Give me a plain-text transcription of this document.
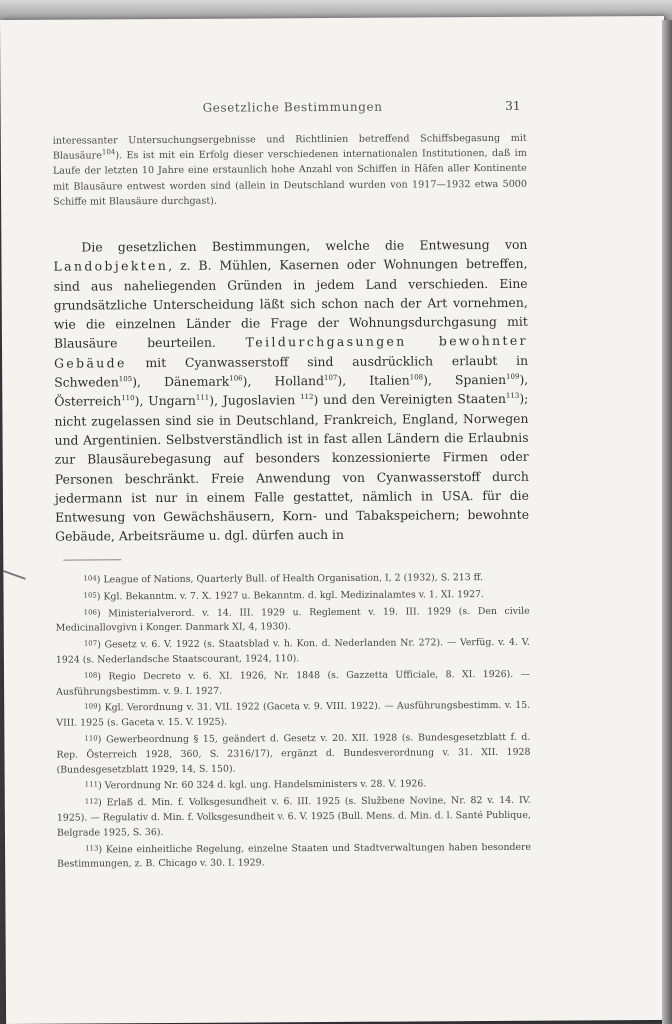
Gesetzliche Bestimmungen	31
interessanter Untersuchungsergebnisse und Richtlinien betreffend Schiffsbegasung mit Blausäure$^{104}$). Es ist mit ein Erfolg dieser verschiedenen internationalen Institutionen, daß im Laufe der letzten 10 Jahre eine erstaunlich hohe Anzahl von Schiffen in Häfen aller Kontinente mit Blausäure entwest worden sind (allein in Deutschland wurden von 1917—1932 etwa 5000 Schiffe mit Blausäure durchgast).
Die gesetzlichen Bestimmungen, welche die Entwesung von Landobjekten, z. B. Mühlen, Kasernen oder Wohnungen betreffen, sind aus naheliegenden Gründen in jedem Land verschieden. Eine grundsätzliche Unterscheidung läßt sich schon nach der Art vornehmen, wie die einzelnen Länder die Frage der Wohnungsdurchgasung mit Blausäure beurteilen. Teildurchgasungen bewohnter Gebäude mit Cyanwasserstoff sind ausdrücklich erlaubt in Schweden$^{105}$), Dänemark$^{106}$), Holland$^{107}$), Italien$^{108}$), Spanien$^{109}$), Österreich$^{110}$), Ungarn$^{111}$), Jugoslavien $^{112}$) und den Vereinigten Staaten$^{113}$); nicht zugelassen sind sie in Deutschland, Frankreich, England, Norwegen und Argentinien. Selbstverständlich ist in fast allen Ländern die Erlaubnis zur Blausäurebegasung auf besonders konzessionierte Firmen oder Personen beschränkt. Freie Anwendung von Cyanwasserstoff durch jedermann ist nur in einem Falle gestattet, nämlich in USA. für die Entwesung von Gewächshäusern, Korn- und Tabakspeichern; bewohnte Gebäude, Arbeitsräume u. dgl. dürfen auch in

$^{104}$) League of Nations, Quarterly Bull. of Health Organisation, I, 2 (1932), S. 213 ff.

$^{105}$) Kgl. Bekanntm. v. 7. X. 1927 u. Bekanntm. d. kgl. Medizinalamtes v. 1. XI. 1927.

$^{106}$) Ministerialverord. v. 14. III. 1929 u. Reglement v. 19. III. 1929 (s. Den civile Medicinallovgivn i Konger. Danmark XI, 4, 1930).

$^{107}$) Gesetz v. 6. V. 1922 (s. Staatsblad v. h. Kon. d. Nederlanden Nr. 272). — Verfüg. v. 4. V. 1924 (s. Nederlandsche Staatscourant, 1924, 110).

$^{108}$) Regio Decreto v. 6. XI. 1926, Nr. 1848 (s. Gazzetta Ufficiale, 8. XI. 1926). — Ausführungsbestimm. v. 9. I. 1927.

$^{109}$) Kgl. Verordnung v. 31. VII. 1922 (Gaceta v. 9. VIII. 1922). — Ausführungsbestimm. v. 15. VIII. 1925 (s. Gaceta v. 15. V. 1925).

$^{110}$) Gewerbeordnung § 15, geändert d. Gesetz v. 20. XII. 1928 (s. Bundesgesetzblatt f. d. Rep. Österreich 1928, 360, S. 2316/17), ergänzt d. Bundesverordnung v. 31. XII. 1928 (Bundesgesetzblatt 1929, 14, S. 150).

$^{111}$) Verordnung Nr. 60 324 d. kgl. ung. Handelsministers v. 28. V. 1926.

$^{112}$) Erlaß d. Min. f. Volksgesundheit v. 6. III. 1925 (s. Službene Novine, Nr. 82 v. 14. IV. 1925). — Regulativ d. Min. f. Volksgesundheit v. 6. V. 1925 (Bull. Mens. d. Min. d. l. Santé Publique, Belgrade 1925, S. 36).

$^{113}$) Keine einheitliche Regelung, einzelne Staaten und Stadtverwaltungen haben besondere Bestimmungen, z. B. Chicago v. 30. I. 1929.
